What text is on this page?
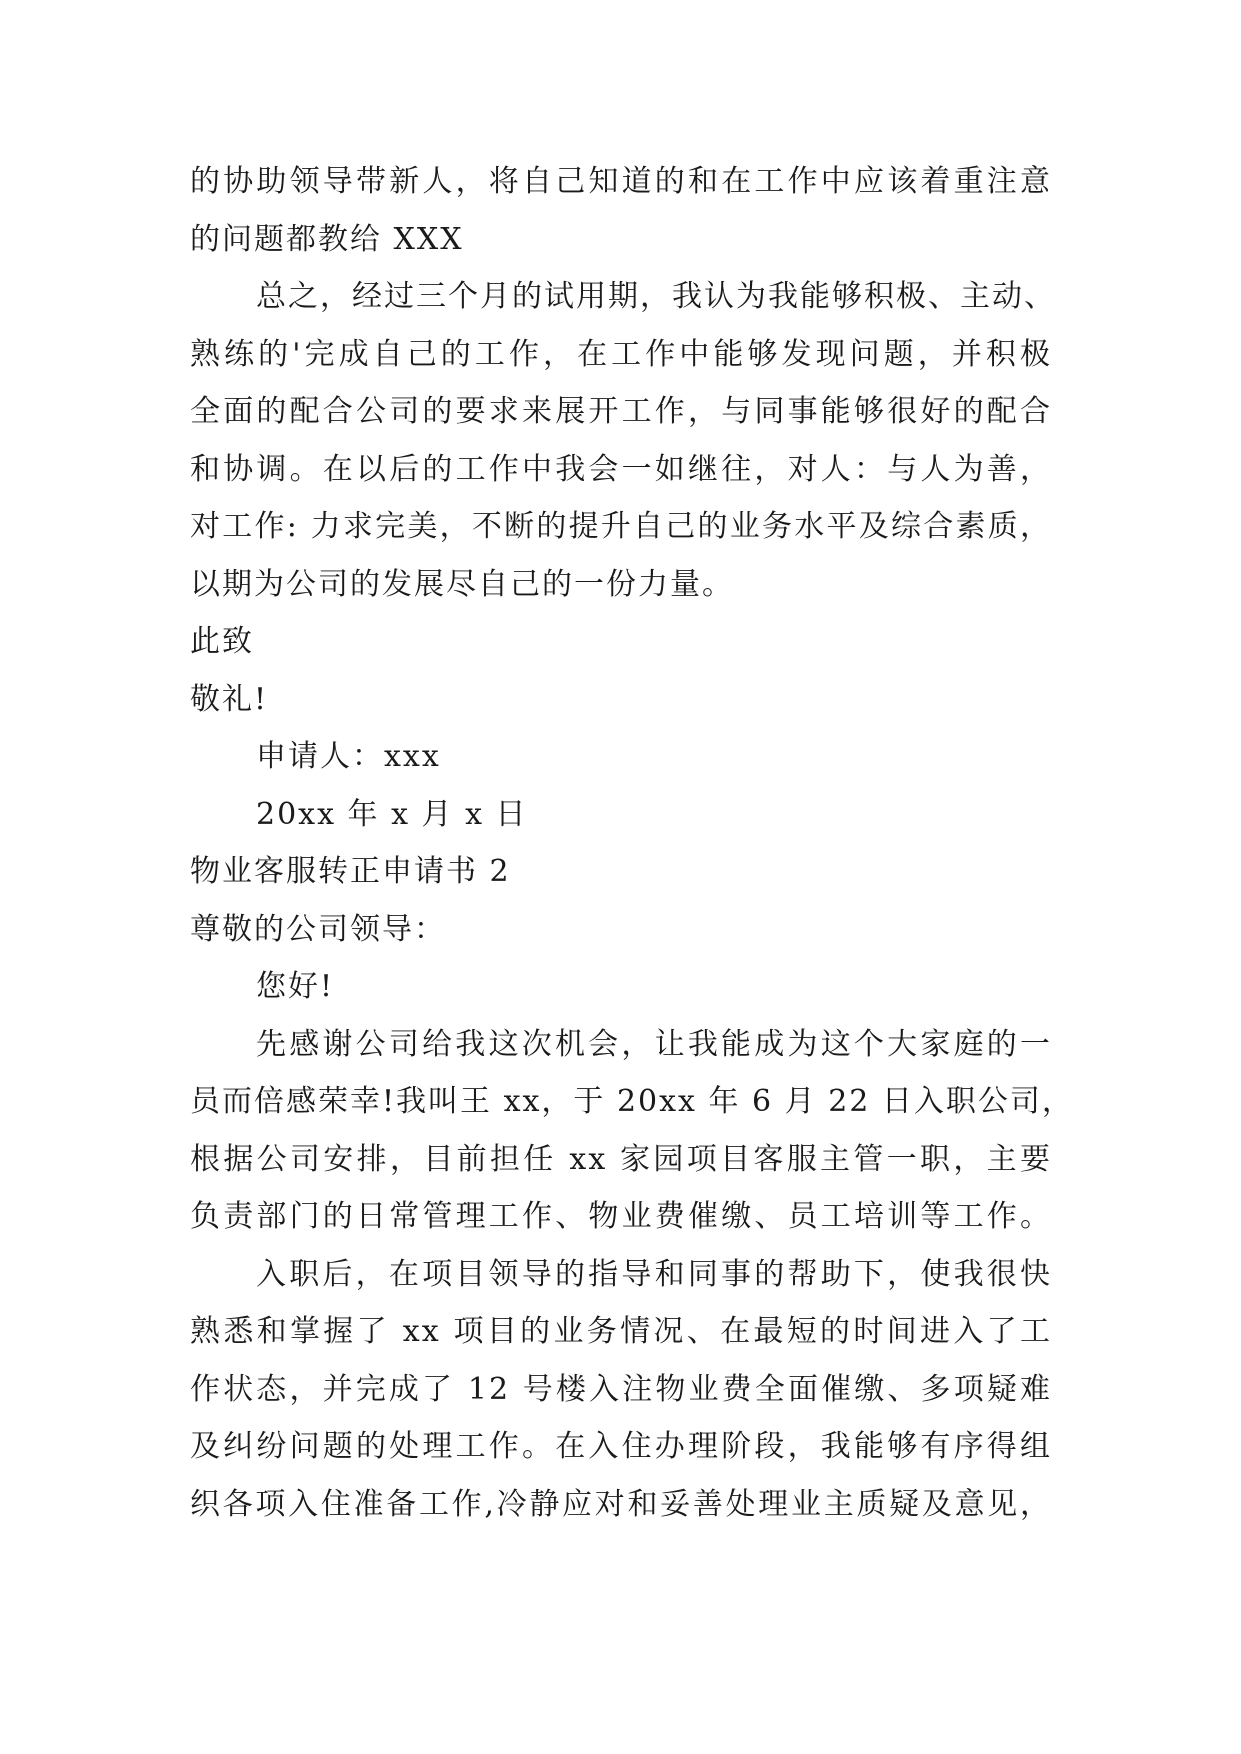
的协助领导带新人，将自己知道的和在工作中应该着重注意
的问题都教给 XXX
总之，经过三个月的试用期，我认为我能够积极、主动、
熟练的'完成自己的工作，在工作中能够发现问题，并积极
全面的配合公司的要求来展开工作，与同事能够很好的配合
和协调。在以后的工作中我会一如继往，对人：与人为善，
对工作: 力求完美，不断的提升自己的业务水平及综合素质，
以期为公司的发展尽自己的一份力量。
此致
敬礼!
申请人：xxx
20xx 年 x 月 x 日
物业客服转正申请书 2
尊敬的公司领导：
您好!
先感谢公司给我这次机会，让我能成为这个大家庭的一
员而倍感荣幸!我叫王 xx，于 20xx 年 6 月 22 日入职公司，
根据公司安排，目前担任 xx 家园项目客服主管一职，主要
负责部门的日常管理工作、物业费催缴、员工培训等工作。
入职后，在项目领导的指导和同事的帮助下，使我很快
熟悉和掌握了 xx 项目的业务情况、在最短的时间进入了工
作状态，并完成了 12 号楼入注物业费全面催缴、多项疑难
及纠纷问题的处理工作。在入住办理阶段，我能够有序得组
织各项入住准备工作,冷静应对和妥善处理业主质疑及意见，
